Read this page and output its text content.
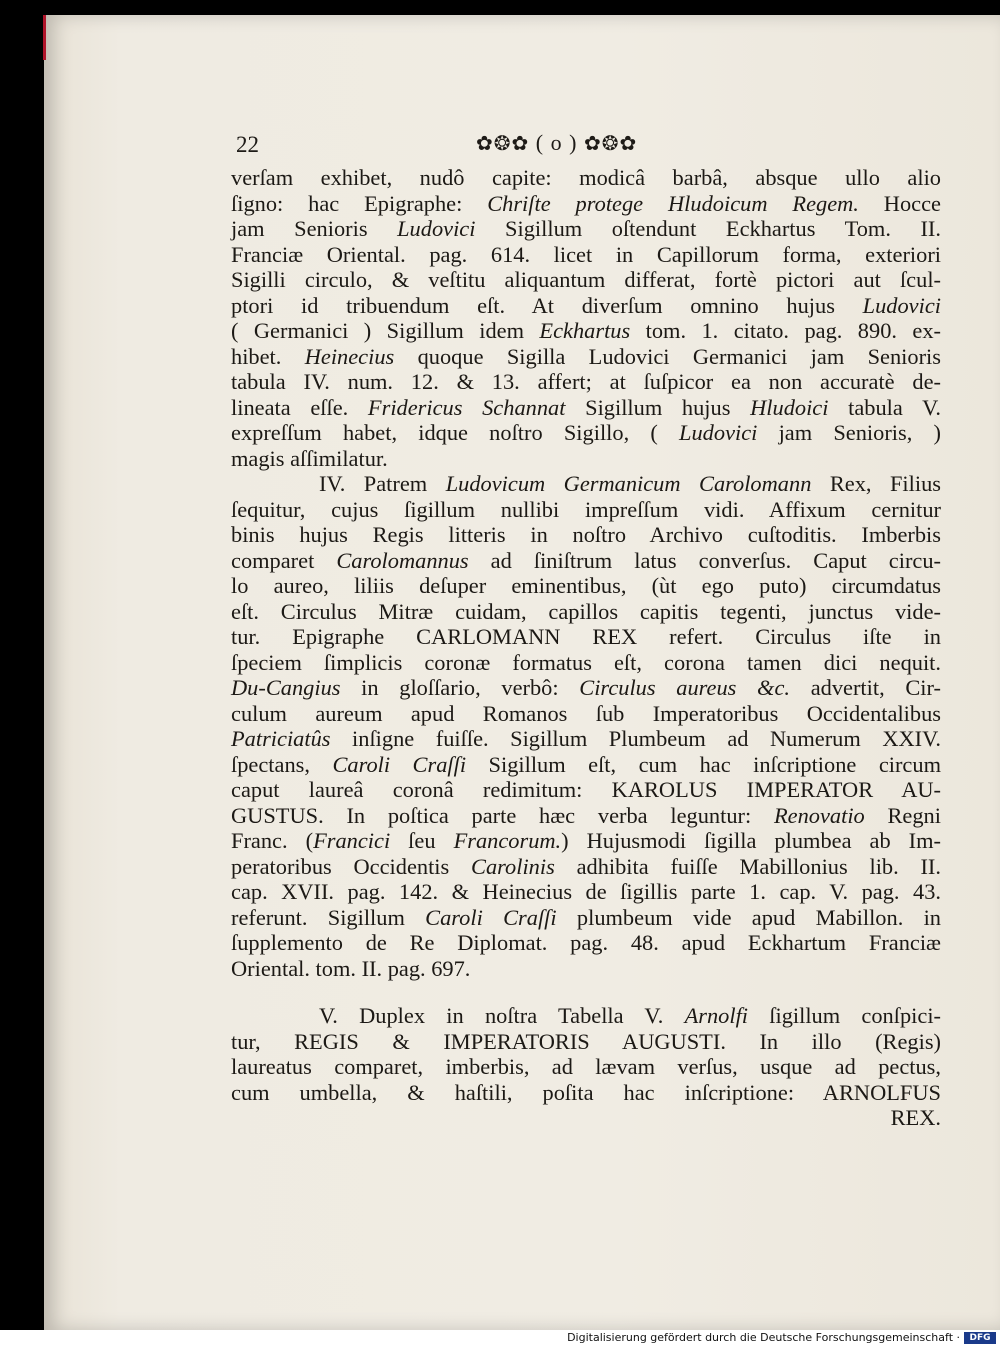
22	✿❂✿ ( o ) ✿❂✿
verſam exhibet, nudô capite: modicâ barbâ, absque ullo alio
ſigno: hac Epigraphe: Chriſte protege Hludoicum Regem. Hocce
jam Senioris Ludovici Sigillum oſtendunt Eckhartus Tom. II.
Franciæ Oriental. pag. 614. licet in Capillorum forma, exteriori
Sigilli circulo, & veſtitu aliquantum differat, fortè pictori aut ſcul-
ptori id tribuendum eſt. At diverſum omnino hujus Ludovici
( Germanici ) Sigillum idem Eckhartus tom. 1. citato. pag. 890. ex-
hibet. Heinecius quoque Sigilla Ludovici Germanici jam Senioris
tabula IV. num. 12. & 13. affert; at ſuſpicor ea non accuratè de-
lineata eſſe. Fridericus Schannat Sigillum hujus Hludoici tabula V.
expreſſum habet, idque noſtro Sigillo, ( Ludovici jam Senioris, )
magis aſſimilatur.
IV. Patrem Ludovicum Germanicum Carolomann Rex, Filius
ſequitur, cujus ſigillum nullibi impreſſum vidi. Affixum cernitur
binis hujus Regis litteris in noſtro Archivo cuſtoditis. Imberbis
comparet Carolomannus ad ſiniſtrum latus converſus. Caput circu-
lo aureo, liliis deſuper eminentibus, (ùt ego puto) circumdatus
eſt. Circulus Mitræ cuidam, capillos capitis tegenti, junctus vide-
tur. Epigraphe CARLOMANN REX refert. Circulus iſte in
ſpeciem ſimplicis coronæ formatus eſt, corona tamen dici nequit.
Du-Cangius in gloſſario, verbô: Circulus aureus &c. advertit, Cir-
culum aureum apud Romanos ſub Imperatoribus Occidentalibus
Patriciatûs inſigne fuiſſe. Sigillum Plumbeum ad Numerum XXIV.
ſpectans, Caroli Craſſi Sigillum eſt, cum hac inſcriptione circum
caput laureâ coronâ redimitum: KAROLUS IMPERATOR AU-
GUSTUS. In poſtica parte hæc verba leguntur: Renovatio Regni
Franc. (Francici ſeu Francorum.) Hujusmodi ſigilla plumbea ab Im-
peratoribus Occidentis Carolinis adhibita fuiſſe Mabillonius lib. II.
cap. XVII. pag. 142. & Heinecius de ſigillis parte 1. cap. V. pag. 43.
referunt. Sigillum Caroli Craſſi plumbeum vide apud Mabillon. in
ſupplemento de Re Diplomat. pag. 48. apud Eckhartum Franciæ
Oriental. tom. II. pag. 697.
V. Duplex in noſtra Tabella V. Arnolfi ſigillum conſpici-
tur, REGIS & IMPERATORIS AUGUSTI. In illo (Regis)
laureatus comparet, imberbis, ad lævam verſus, usque ad pectus,
cum umbella, & haſtili, poſita hac inſcriptione: ARNOLFUS
REX.
Digitalisierung gefördert durch die Deutsche Forschungsgemeinschaft ·	DFG
